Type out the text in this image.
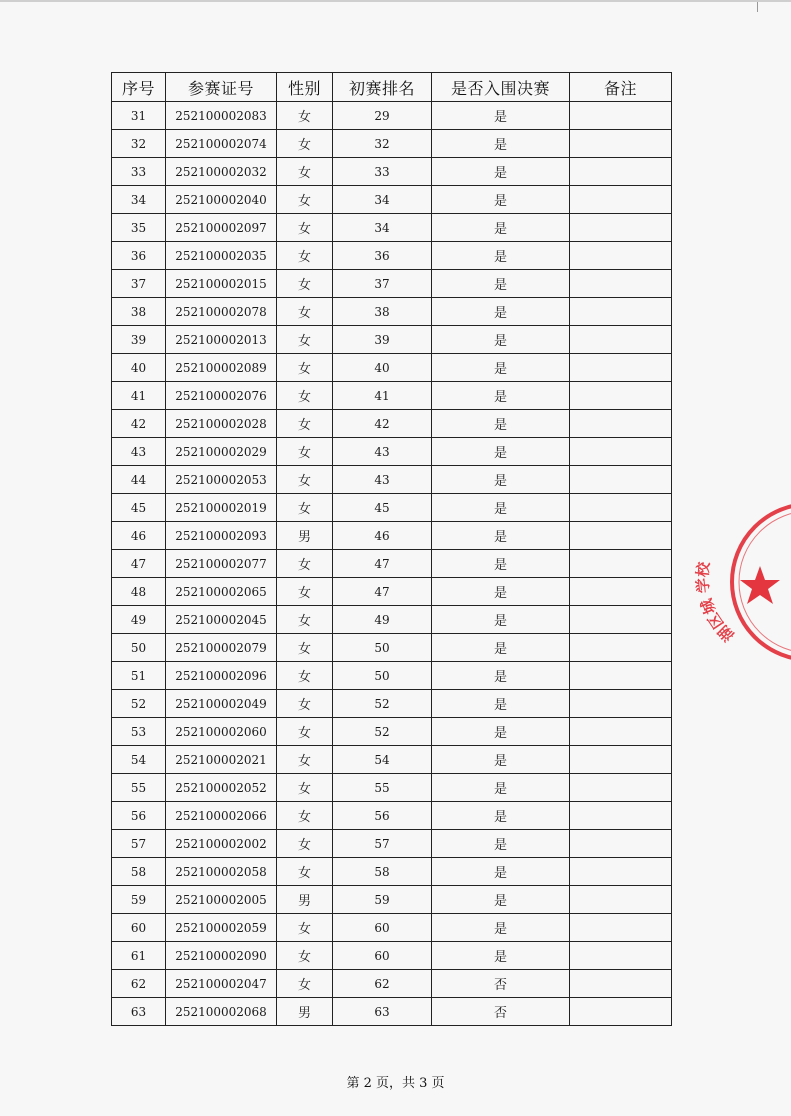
序号	参赛证号	性别	初赛排名	是否入围决赛	备注
31	252100002083	女	29	是	
32	252100002074	女	32	是	
33	252100002032	女	33	是	
34	252100002040	女	34	是	
35	252100002097	女	34	是	
36	252100002035	女	36	是	
37	252100002015	女	37	是	
38	252100002078	女	38	是	
39	252100002013	女	39	是	
40	252100002089	女	40	是	
41	252100002076	女	41	是	
42	252100002028	女	42	是	
43	252100002029	女	43	是	
44	252100002053	女	43	是	
45	252100002019	女	45	是	
46	252100002093	男	46	是	
47	252100002077	女	47	是	
48	252100002065	女	47	是	
49	252100002045	女	49	是	
50	252100002079	女	50	是	
51	252100002096	女	50	是	
52	252100002049	女	52	是	
53	252100002060	女	52	是	
54	252100002021	女	54	是	
55	252100002052	女	55	是	
56	252100002066	女	56	是	
57	252100002002	女	57	是	
58	252100002058	女	58	是	
59	252100002005	男	59	是	
60	252100002059	女	60	是	
61	252100002090	女	60	是	
62	252100002047	女	62	否	
63	252100002068	男	63	否	
第 2 页，共 3 页
湖区城 学校
